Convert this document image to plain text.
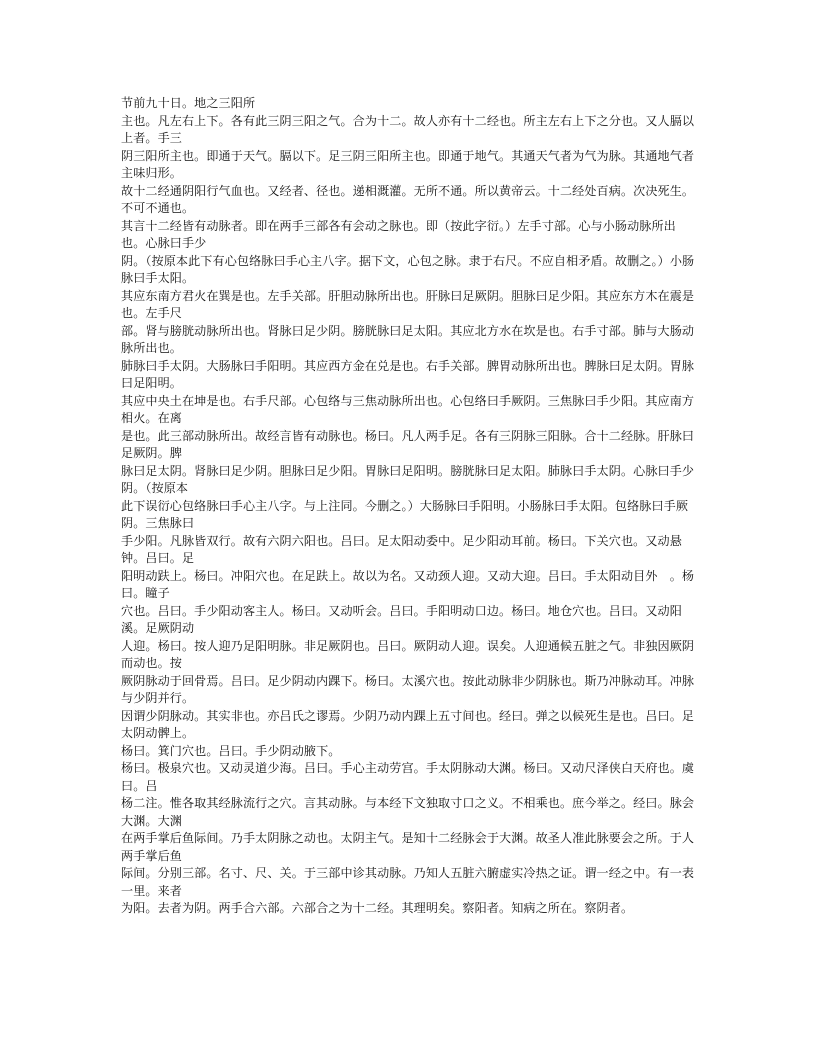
节前九十日。地之三阳所

主也。凡左右上下。各有此三阴三阳之气。合为十二。故人亦有十二经也。所主左右上下之分也。又人膈以上者。手三

阴三阳所主也。即通于天气。膈以下。足三阴三阳所主也。即通于地气。其通天气者为气为脉。其通地气者主味归形。

故十二经通阴阳行气血也。又经者、径也。递相溉灌。无所不通。所以黄帝云。十二经处百病。次决死生。不可不通也。

其言十二经皆有动脉者。即在两手三部各有会动之脉也。即（按此字衍。）左手寸部。心与小肠动脉所出也。心脉曰手少

阴。（按原本此下有心包络脉曰手心主八字。据下文，心包之脉。隶于右尺。不应自相矛盾。故删之。）小肠脉曰手太阳。

其应东南方君火在巽是也。左手关部。肝胆动脉所出也。肝脉曰足厥阴。胆脉曰足少阳。其应东方木在震是也。左手尺

部。肾与膀胱动脉所出也。肾脉曰足少阴。膀胱脉曰足太阳。其应北方水在坎是也。右手寸部。肺与大肠动脉所出也。

肺脉曰手太阴。大肠脉曰手阳明。其应西方金在兑是也。右手关部。脾胃动脉所出也。脾脉曰足太阴。胃脉曰足阳明。

其应中央土在坤是也。右手尺部。心包络与三焦动脉所出也。心包络曰手厥阴。三焦脉曰手少阳。其应南方相火。在离

是也。此三部动脉所出。故经言皆有动脉也。杨曰。凡人两手足。各有三阴脉三阳脉。合十二经脉。肝脉曰足厥阴。脾

脉曰足太阴。肾脉曰足少阴。胆脉曰足少阳。胃脉曰足阳明。膀胱脉曰足太阳。肺脉曰手太阴。心脉曰手少阴。（按原本

此下误衍心包络脉曰手心主八字。与上注同。今删之。）大肠脉曰手阳明。小肠脉曰手太阳。包络脉曰手厥阴。三焦脉曰

手少阳。凡脉皆双行。故有六阴六阳也。吕曰。足太阳动委中。足少阳动耳前。杨曰。下关穴也。又动悬钟。吕曰。足

阳明动趺上。杨曰。冲阳穴也。在足趺上。故以为名。又动颈人迎。又动大迎。吕曰。手太阳动目外　。杨曰。瞳子

穴也。吕曰。手少阳动客主人。杨曰。又动听会。吕曰。手阳明动口边。杨曰。地仓穴也。吕曰。又动阳溪。足厥阴动

人迎。杨曰。按人迎乃足阳明脉。非足厥阴也。吕曰。厥阴动人迎。误矣。人迎通候五脏之气。非独因厥阴而动也。按

厥阴脉动于回骨焉。吕曰。足少阴动内踝下。杨曰。太溪穴也。按此动脉非少阴脉也。斯乃冲脉动耳。冲脉与少阴并行。

因谓少阴脉动。其实非也。亦吕氏之谬焉。少阴乃动内踝上五寸间也。经曰。弹之以候死生是也。吕曰。足太阴动髀上。

杨曰。箕门穴也。吕曰。手少阴动腋下。

杨曰。极泉穴也。又动灵道少海。吕曰。手心主动劳宫。手太阴脉动大渊。杨曰。又动尺泽侠白天府也。虞曰。吕

杨二注。惟各取其经脉流行之穴。言其动脉。与本经下文独取寸口之义。不相乘也。庶今举之。经曰。脉会大渊。大渊

在两手掌后鱼际间。乃手太阴脉之动也。太阴主气。是知十二经脉会于大渊。故圣人准此脉要会之所。于人两手掌后鱼

际间。分别三部。名寸、尺、关。于三部中诊其动脉。乃知人五脏六腑虚实冷热之证。谓一经之中。有一表一里。来者

为阳。去者为阴。两手合六部。六部合之为十二经。其理明矣。察阳者。知病之所在。察阴者。
